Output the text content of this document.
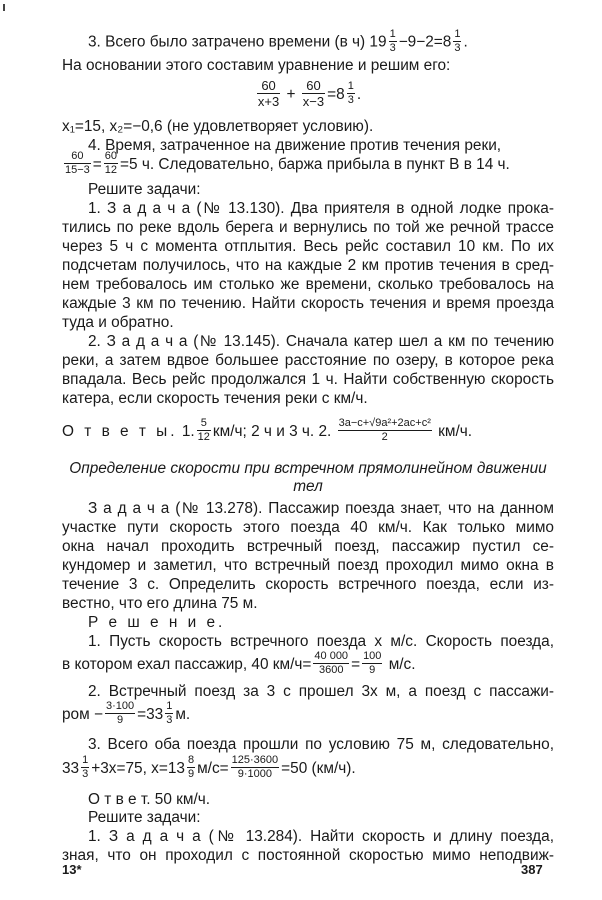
3. Всего было затрачено времени (в ч) $19 \frac{1}{3} -9-2=8 \frac{1}{3}$ .
На основании этого составим уравнение и решим его:
$\frac{60}{x+3} + \frac{60}{x-3} =8 \frac{1}{3}$ .
x₁=15, x₂=−0,6 (не удовлетворяет условию).
4. Время, затраченное на движение против течения реки,
$\frac{60}{15-3} = \frac{60}{12} =5$ ч. Следовательно, баржа прибыла в пункт B в 14 ч.
Решите задачи:
1. З а д а ч а (№ 13.130). Два приятеля в одной лодке прока-
тились по реке вдоль берега и вернулись по той же речной трассе
через 5 ч с момента отплытия. Весь рейс составил 10 км. По их
подсчетам получилось, что на каждые 2 км против течения в сред-
нем требовалось им столько же времени, сколько требовалось на
каждые 3 км по течению. Найти скорость течения и время проезда
туда и обратно.
2. З а д а ч а (№ 13.145). Сначала катер шел a км по течению
реки, а затем вдвое большее расстояние по озеру, в которое река
впадала. Весь рейс продолжался 1 ч. Найти собственную скорость
катера, если скорость течения реки c км/ч.
О т в е т ы. 1. $\frac{5}{12} км/ч$; 2 ч и 3 ч. 2. $\frac{\text{3a−c+√9a²+2ac+c²}}{2} км/ч$.
Определение скорости при встречном прямолинейном движении
тел
З а д а ч а (№ 13.278). Пассажир поезда знает, что на данном
участке пути скорость этого поезда 40 км/ч. Как только мимо
окна начал проходить встречный поезд, пассажир пустил се-
кундомер и заметил, что встречный поезд проходил мимо окна в
течение 3 с. Определить скорость встречного поезда, если из-
вестно, что его длина 75 м.
Р е ш е н и е.
1. Пусть скорость встречного поезда x м/с. Скорость поезда,
в котором ехал пассажир, 40 $км/ч= \frac{40 000}{3600} = \frac{100}{9} м/с$.
2. Встречный поезд за 3 с прошел 3x м, а поезд с пассажи-
ром − $\frac{3\cdot 100}{9} =33 \frac{1}{3} м$.
3. Всего оба поезда прошли по условию 75 м, следовательно,
$33 \frac{1}{3} +3x=75$, $x=13 \frac{8}{9} м/с= \frac{125\cdot 3600}{9\cdot 1000} =50$ (км/ч).
О т в е т. 50 км/ч.
Решите задачи:
1. З а д а ч а (№ 13.284). Найти скорость и длину поезда,
зная, что он проходил с постоянной скоростью мимо неподвиж-
13*	387
